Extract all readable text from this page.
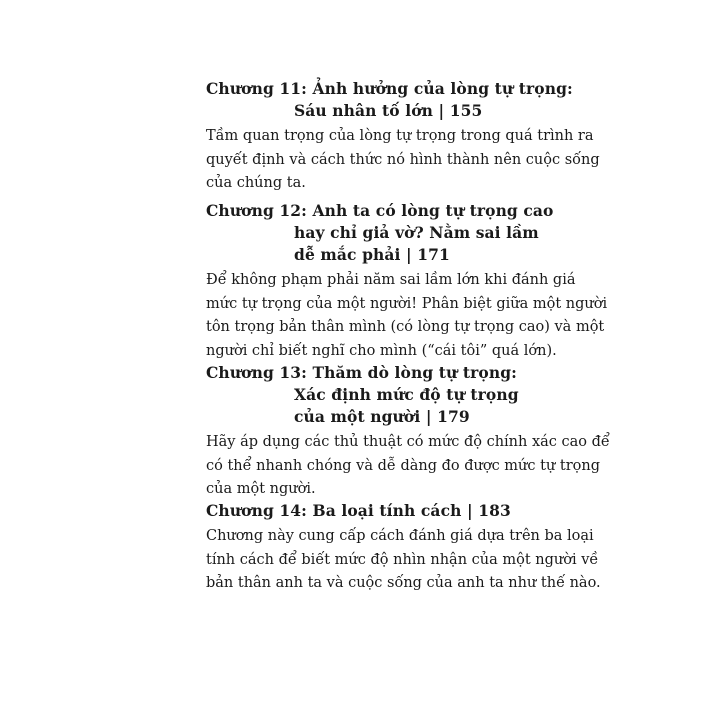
Chương 11: Ảnh hưởng của lòng tự trọng:
Sáu nhân tố lớn | 155
Tầm quan trọng của lòng tự trọng trong quá trình ra
quyết định và cách thức nó hình thành nên cuộc sống
của chúng ta.
Chương 12: Anh ta có lòng tự trọng cao
hay chỉ giả vờ? Nằm sai lầm
dễ mắc phải | 171
Để không phạm phải năm sai lầm lớn khi đánh giá
mức tự trọng của một người! Phân biệt giữa một người
tôn trọng bản thân mình (có lòng tự trọng cao) và một
người chỉ biết nghĩ cho mình (“cái tôi” quá lớn).
Chương 13: Thăm dò lòng tự trọng:
Xác định mức độ tự trọng
của một người | 179
Hãy áp dụng các thủ thuật có mức độ chính xác cao để
có thể nhanh chóng và dễ dàng đo được mức tự trọng
của một người.
Chương 14: Ba loại tính cách | 183
Chương này cung cấp cách đánh giá dựa trên ba loại
tính cách để biết mức độ nhìn nhận của một người về
bản thân anh ta và cuộc sống của anh ta như thế nào.
